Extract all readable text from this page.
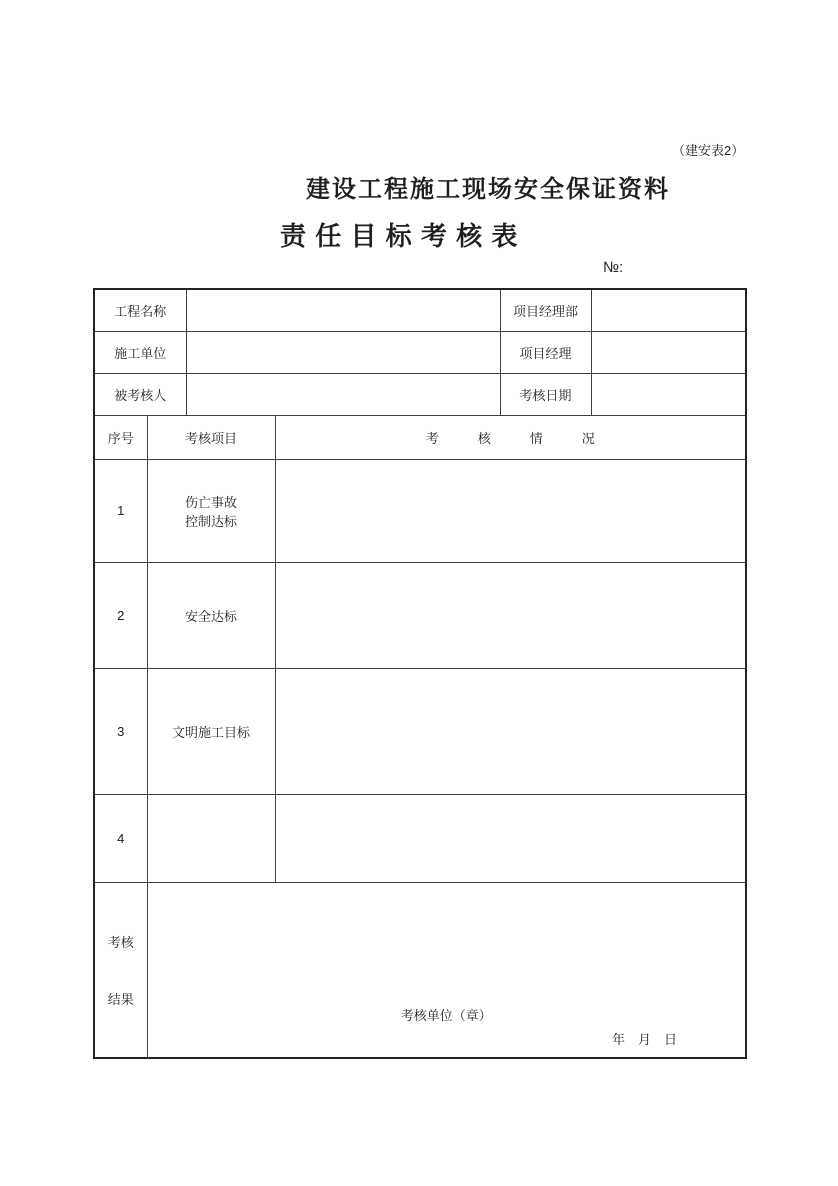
（建安表2）
建设工程施工现场安全保证资料
责 任 目 标 考 核 表
№:
工程名称				项目经理部	
施工单位				项目经理	
被考核人				考核日期	
序号	考核项目		考　　　核　　　情　　　况		
1	伤亡事故
控制达标				

2	安全达标				

3	文明施工目标				

4					

考核
结果

考核单位（章）
年　月　日
